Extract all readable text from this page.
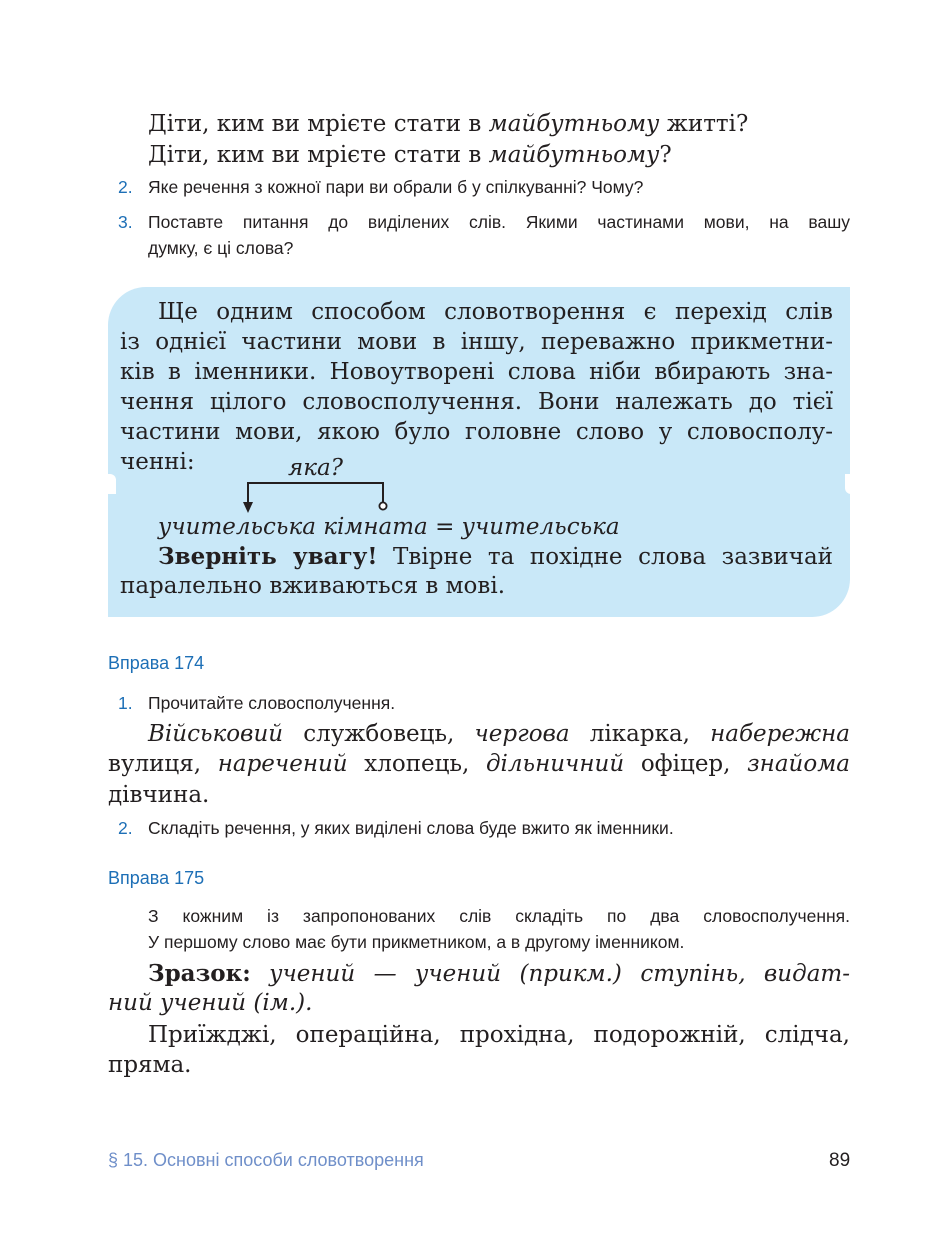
Діти, ким ви мрієте стати в майбутньому житті?
Діти, ким ви мрієте стати в майбутньому?
2. Яке речення з кожної пари ви обрали б у спілкуванні? Чому?
3. Поставте питання до виділених слів. Якими частинами мови, на вашу
думку, є ці слова?
Ще одним способом словотворення є перехід слів
із однієї частини мови в іншу, переважно прикметни-
ків в іменники. Новоутворені слова ніби вбирають зна-
чення цілого словосполучення. Вони належать до тієї
частини мови, якою було головне слово у словосполу-
ченні:	яка?
учительська кімната = учительська
Зверніть увагу! Твірне та похідне слова зазвичай
паралельно вживаються в мові.
Вправа 174
1. Прочитайте словосполучення.
Військовий службовець, чергова лікарка, набережна
вулиця, наречений хлопець, дільничний офіцер, знайома
дівчина.
2. Складіть речення, у яких виділені слова буде вжито як іменники.
Вправа 175
З кожним із запропонованих слів складіть по два словосполучення.
У першому слово має бути прикметником, а в другому іменником.
Зразок: учений — учений (прикм.) ступінь, видат-
ний учений (ім.).
Приїжджі, операційна, прохідна, подорожній, слідча,
пряма.
§ 15. Основні способи словотворення	89
